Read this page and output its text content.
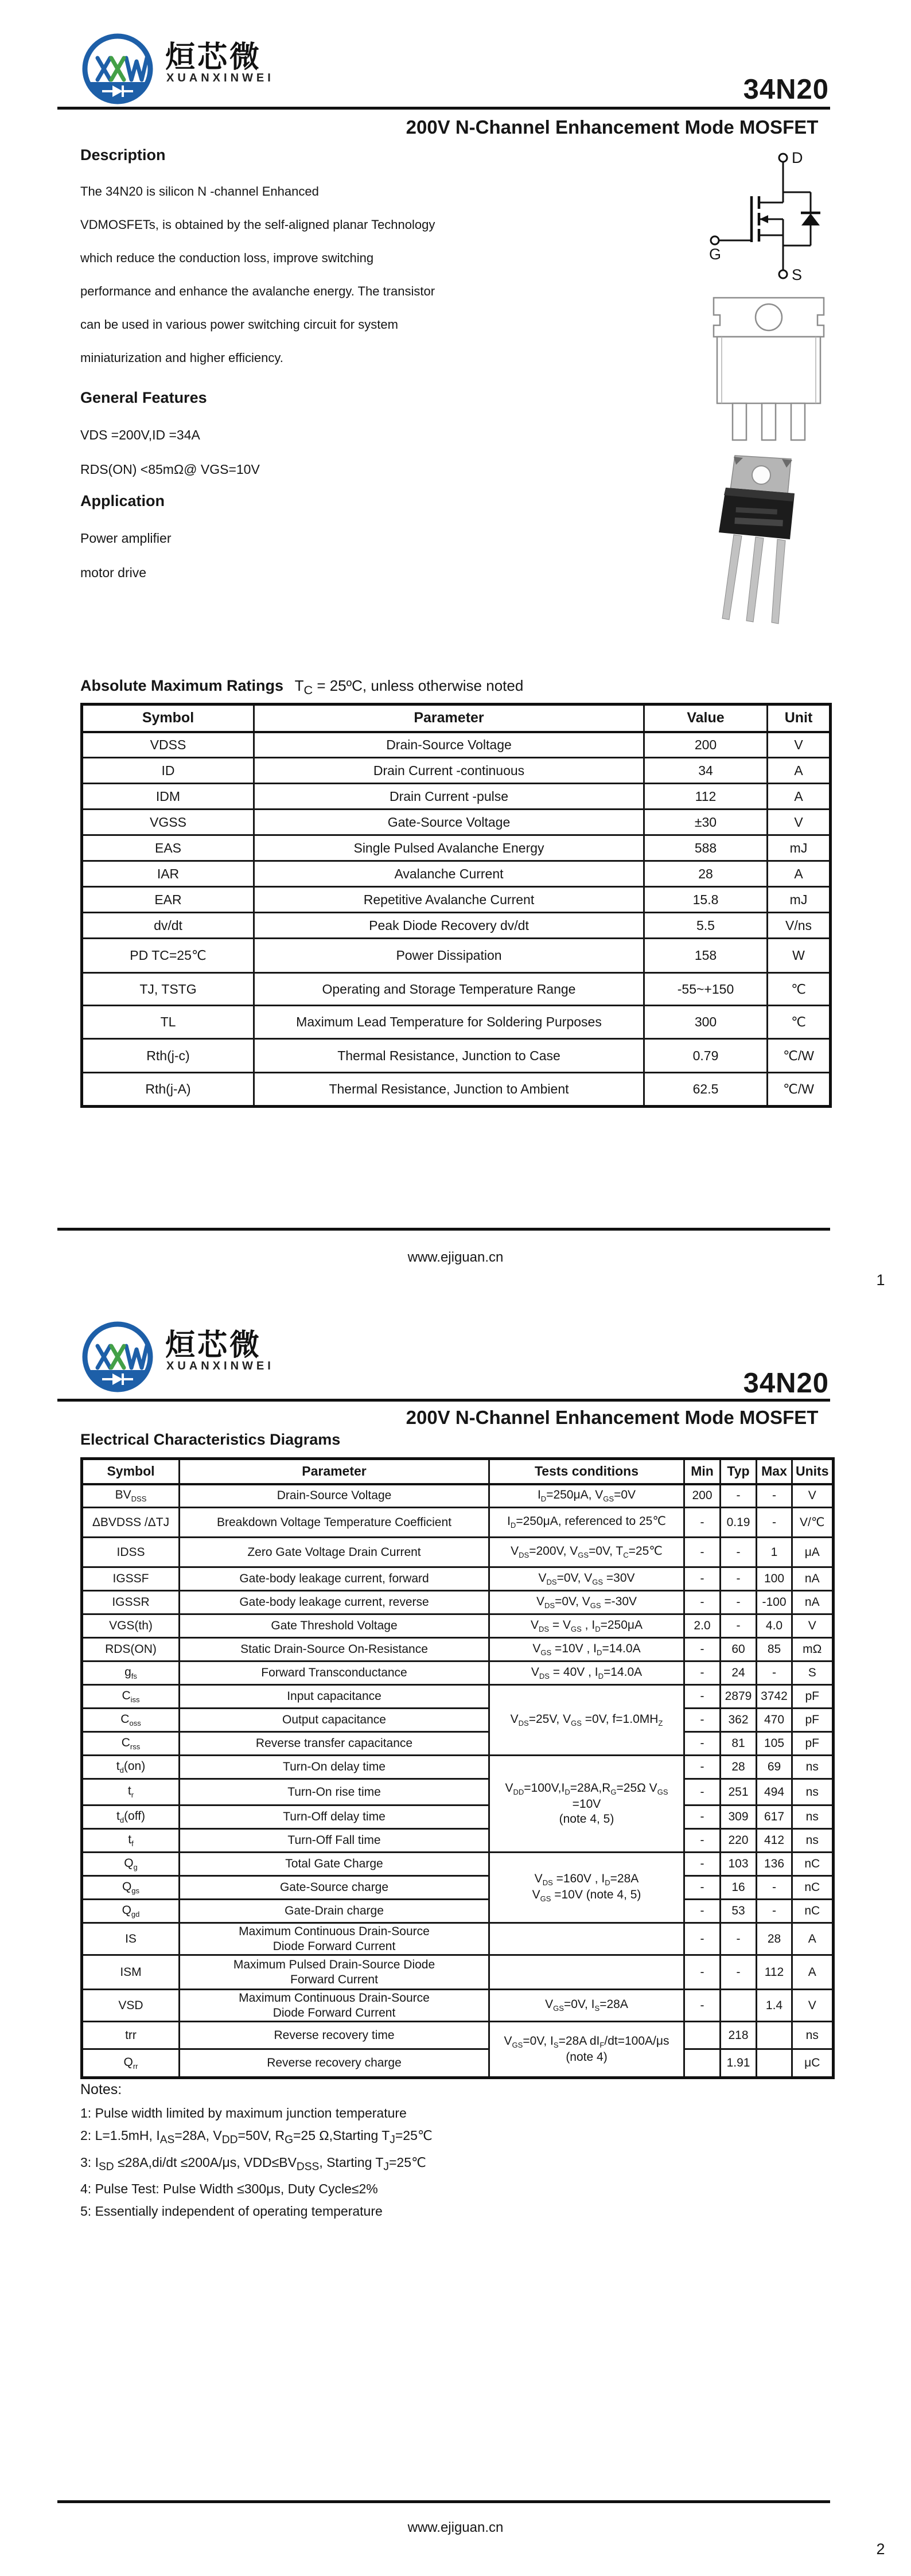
烜芯微
XUANXINWEI	34N20
200V N-Channel Enhancement Mode MOSFET
Description
The 34N20 is silicon N -channel Enhanced
VDMOSFETs, is obtained by the self-aligned planar Technology
which reduce the conduction loss, improve switching
performance and enhance the avalanche energy. The transistor
can be used in various power switching circuit for system
miniaturization and higher efficiency.
General Features
VDS =200V,ID =34A
RDS(ON) <85mΩ@ VGS=10V
Application
Power amplifier
motor drive
D
G
S
Absolute Maximum Ratings $T_C$ = 25ºC, unless otherwise noted
Symbol	Parameter	Value	Unit
VDSS	Drain-Source Voltage	200	V
ID	Drain Current -continuous	34	A
IDM	Drain Current -pulse	112	A
VGSS	Gate-Source Voltage	±30	V
EAS	Single Pulsed Avalanche Energy	588	mJ
IAR	Avalanche Current	28	A
EAR	Repetitive Avalanche Current	15.8	mJ
dv/dt	Peak Diode Recovery dv/dt	5.5	V/ns
PD TC=25℃	Power Dissipation	158	W
TJ, TSTG	Operating and Storage Temperature Range	-55~+150	℃
TL	Maximum Lead Temperature for Soldering Purposes	300	℃
Rth(j-c)	Thermal Resistance, Junction to Case	0.79	℃/W
Rth(j-A)	Thermal Resistance, Junction to Ambient	62.5	℃/W
www.ejiguan.cn
1
烜芯微
XUANXINWEI
34N20
200V N-Channel Enhancement Mode MOSFET
Electrical Characteristics Diagrams
Symbol	Parameter	Tests conditions	Min	Typ	Max	Units
$BV_{DSS}$	Drain-Source Voltage	$I_D=250\mu A$, $V_{GS}=0V$	200	-	-	V
ΔBVDSS /ΔTJ	Breakdown Voltage Temperature Coefficient	$I_D=250\mu A$, referenced to 25℃	-	0.19	-	V/℃
IDSS	Zero Gate Voltage Drain Current	$V_{DS}=200V$, $V_{GS}=0V$, $T_C=25℃$	-	-	1	μA
IGSSF	Gate-body leakage current, forward	$V_{DS}=0V$, $V_{GS} =30V$	-	-	100	nA
IGSSR	Gate-body leakage current, reverse	$V_{DS}=0V$, $V_{GS} =-30V$	-	-	-100	nA
VGS(th)	Gate Threshold Voltage	$V_{DS} = V_{GS}$ , $I_D=250\mu A$	2.0	-	4.0	V
RDS(ON)	Static Drain-Source On-Resistance	$V_{GS} =10V$ , $I_D=14.0A$	-	60	85	mΩ
$g_{fs}$	Forward Transconductance	$V_{DS} = 40V$ , $I_D=14.0A$	-	24	-	S
$C_{iss}$	Input capacitance	$V_{DS}=25V$, $V_{GS} =0V$, $f=1.0MH_Z$	-	2879	3742	pF
$C_{oss}$	Output capacitance		-	362	470	pF
$C_{rss}$	Reverse transfer capacitance		-	81	105	pF
$t_d(on)$	Turn-On delay time	$V_{DD}=100V,I_D=28A,R_G=25\Omega$ $V_{GS}$
=10V
(note 4, 5)	-	28	69	ns
$t_r$	Turn-On rise time		-	251	494	ns
$t_d(off)$	Turn-Off delay time		-	309	617	ns
$t_f$	Turn-Off Fall time		-	220	412	ns
$Q_g$	Total Gate Charge	$V_{DS} =160V$ , $I_D=28A$
$V_{GS} =10V$ (note 4, 5)	-	103	136	nC
$Q_{gs}$	Gate-Source charge		-	16	-	nC
$Q_{gd}$	Gate-Drain charge		-	53	-	nC
IS	Maximum Continuous Drain-Source
Diode Forward Current		-	-	28	A
ISM	Maximum Pulsed Drain-Source Diode
Forward Current		-	-	112	A
VSD	Maximum Continuous Drain-Source
Diode Forward Current	$V_{GS}=0V$, $I_S=28A$	-		1.4	V
trr	Reverse recovery time	$V_{GS}=0V$, $I_S=28A$ $dI_F/dt=100A/\mu s$
(note 4)		218		ns
$Q_{rr}$	Reverse recovery charge			1.91		μC
Notes:
1: Pulse width limited by maximum junction temperature
2: L=1.5mH, $I_{AS}=28A$, $V_{DD}=50V$, $R_G=25$ Ω,Starting $T_J=25℃$
3: $I_{SD} \le 28A,di/dt \le 200A/\mu s$, $VDD\le BV_{DSS}$, Starting $T_J=25℃$
4: Pulse Test: Pulse Width ≤300μs, Duty Cycle≤2%
5: Essentially independent of operating temperature
www.ejiguan.cn
2
